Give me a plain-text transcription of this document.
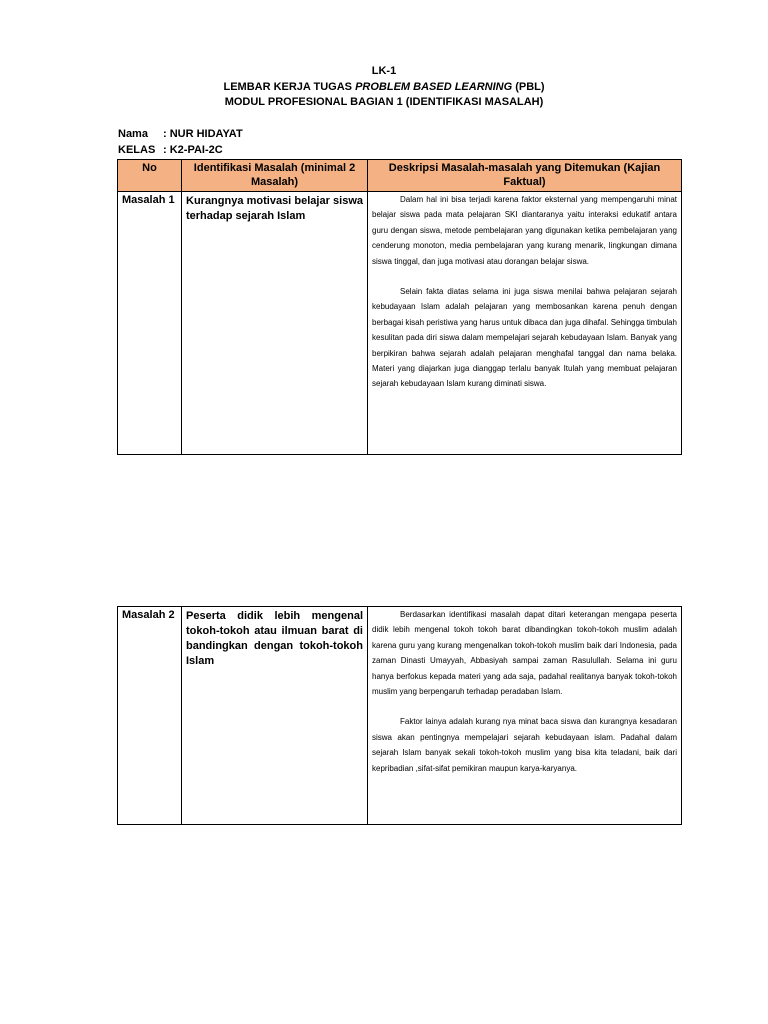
LK-1
LEMBAR KERJA TUGAS PROBLEM BASED LEARNING (PBL)
MODUL PROFESIONAL BAGIAN 1 (IDENTIFIKASI MASALAH)
Nama : NUR HIDAYAT
KELAS : K2-PAI-2C
No	Identifikasi Masalah (minimal 2 Masalah)	Deskripsi Masalah-masalah yang Ditemukan (Kajian Faktual)
Masalah 1	Kurangnya motivasi belajar siswa terhadap sejarah Islam	Dalam hal ini bisa terjadi karena faktor eksternal yang mempengaruhi minat belajar siswa pada mata pelajaran SKI diantaranya yaitu interaksi edukatif antara guru dengan siswa, metode pembelajaran yang digunakan ketika pembelajaran yang cenderung monoton, media pembelajaran yang kurang menarik, lingkungan dimana siswa tinggal, dan juga motivasi atau dorangan belajar siswa.

Selain fakta diatas selama ini juga siswa menilai bahwa pelajaran sejarah kebudayaan Islam adalah pelajaran yang membosankan karena penuh dengan berbagai kisah peristiwa yang harus untuk dibaca dan juga dihafal. Sehingga timbulah kesulitan pada diri siswa dalam mempelajari sejarah kebudayaan Islam. Banyak yang berpikiran bahwa sejarah adalah pelajaran menghafal tanggal dan nama belaka. Materi yang diajarkan juga dianggap terlalu banyak Itulah yang membuat pelajaran sejarah kebudayaan Islam kurang diminati siswa.

Masalah 2	Peserta didik lebih mengenal tokoh-tokoh atau ilmuan barat di bandingkan dengan tokoh-tokoh Islam	

Berdasarkan identifikasi masalah dapat ditari keterangan mengapa peserta didik lebih mengenal tokoh tokoh barat dibandingkan tokoh-tokoh muslim adalah karena guru yang kurang mengenalkan tokoh-tokoh muslim baik dari Indonesia, pada zaman Dinasti Umayyah, Abbasiyah sampai zaman Rasulullah. Selama ini guru hanya berfokus kepada materi yang ada saja, padahal realitanya banyak tokoh-tokoh muslim yang berpengaruh terhadap peradaban Islam.

Faktor lainya adalah kurang nya minat baca siswa dan kurangnya kesadaran siswa akan pentingnya mempelajari sejarah kebudayaan islam. Padahal dalam sejarah Islam banyak sekali tokoh-tokoh muslim yang bisa kita teladani, baik dari kepribadian ,sifat-sifat pemikiran maupun karya-karyanya.
